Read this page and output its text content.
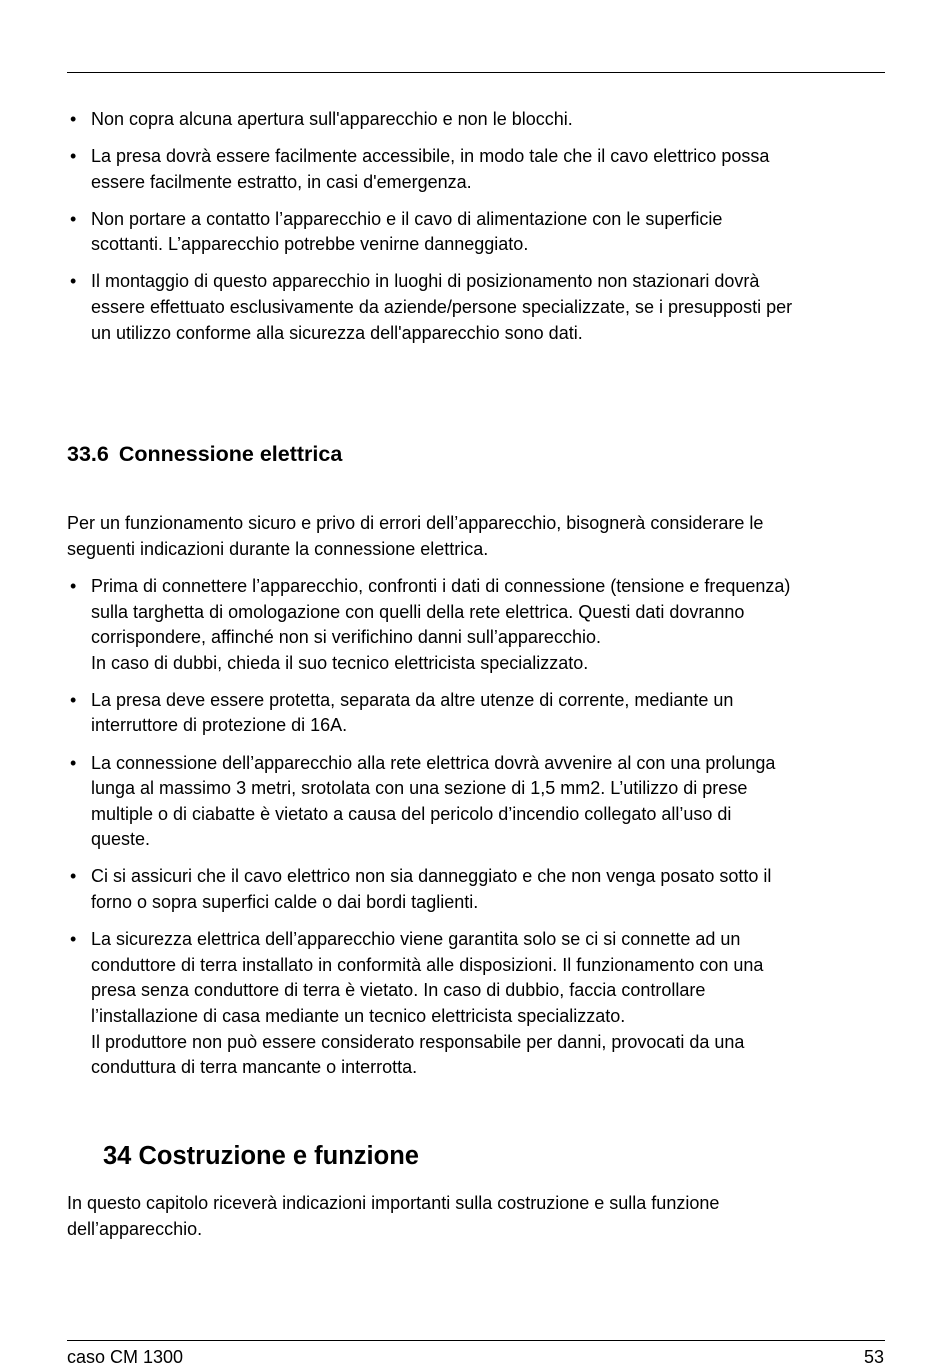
• Non copra alcuna apertura sull'apparecchio e non le blocchi.
• La presa dovrà essere facilmente accessibile, in modo tale che il cavo elettrico possa
essere facilmente estratto, in casi d'emergenza.
• Non portare a contatto l’apparecchio e il cavo di alimentazione con le superficie
scottanti. L’apparecchio potrebbe venirne danneggiato.
• Il montaggio di questo apparecchio in luoghi di posizionamento non stazionari dovrà
essere effettuato esclusivamente da aziende/persone specializzate, se i presupposti per
un utilizzo conforme alla sicurezza dell'apparecchio sono dati.
33.6 Connessione elettrica

Per un funzionamento sicuro e privo di errori dell’apparecchio, bisognerà considerare le
seguenti indicazioni durante la connessione elettrica.

• Prima di connettere l’apparecchio, confronti i dati di connessione (tensione e frequenza)
sulla targhetta di omologazione con quelli della rete elettrica. Questi dati dovranno
corrispondere, affinché non si verifichino danni sull’apparecchio.
In caso di dubbi, chieda il suo tecnico elettricista specializzato.
• La presa deve essere protetta, separata da altre utenze di corrente, mediante un
interruttore di protezione di 16A.
• La connessione dell’apparecchio alla rete elettrica dovrà avvenire al con una prolunga
lunga al massimo 3 metri, srotolata con una sezione di 1,5 mm2. L’utilizzo di prese
multiple o di ciabatte è vietato a causa del pericolo d’incendio collegato all’uso di
queste.
• Ci si assicuri che il cavo elettrico non sia danneggiato e che non venga posato sotto il
forno o sopra superfici calde o dai bordi taglienti.
• La sicurezza elettrica dell’apparecchio viene garantita solo se ci si connette ad un
conduttore di terra installato in conformità alle disposizioni. Il funzionamento con una
presa senza conduttore di terra è vietato. In caso di dubbio, faccia controllare
l’installazione di casa mediante un tecnico elettricista specializzato.
Il produttore non può essere considerato responsabile per danni, provocati da una
conduttura di terra mancante o interrotta.
34 Costruzione e funzione

In questo capitolo riceverà indicazioni importanti sulla costruzione e sulla funzione
dell’apparecchio.

caso CM 1300	53
